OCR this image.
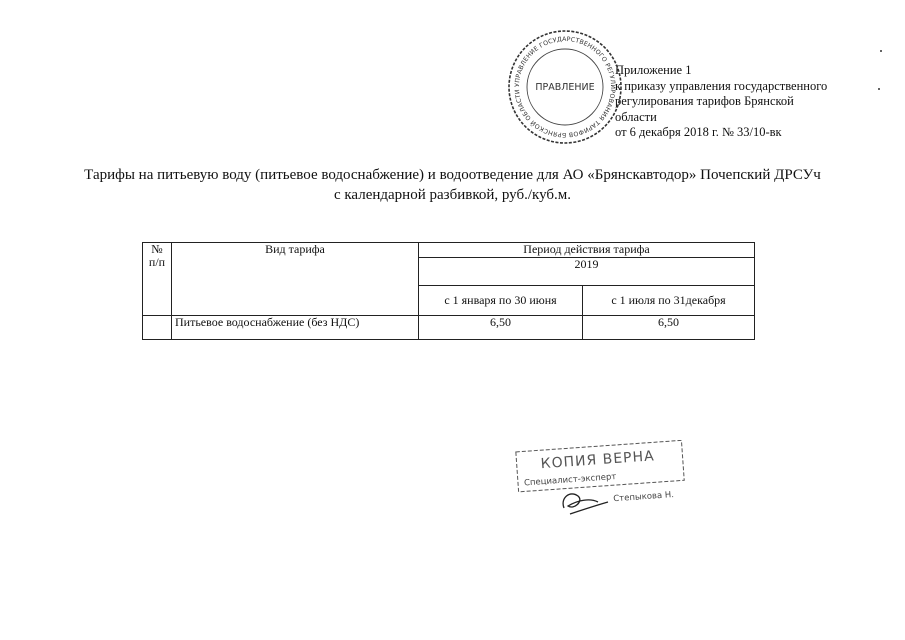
Приложение 1
к приказу управления государственного
регулирования тарифов Брянской
области
от 6 декабря 2018 г. № 33/10-вк
УПРАВЛЕНИЕ ГОСУДАРСТВЕННОГО РЕГУЛИРОВАНИЯ ТАРИФОВ БРЯНСКОЙ ОБЛАСТИ	ПРАВЛЕНИЕ
Тарифы на питьевую воду (питьевое водоснабжение) и водоотведение для АО «Брянскавтодор» Почепский ДРСУч
с календарной разбивкой, руб./куб.м.
№ п/п	Вид тарифа	Период действия тарифа	
		2019	
		с 1 января по 30 июня	с 1 июля по 31декабря
	Питьевое водоснабжение (без НДС)	6,50	6,50
КОПИЯ ВЕРНА
Специалист-эксперт
Степыкова Н.
